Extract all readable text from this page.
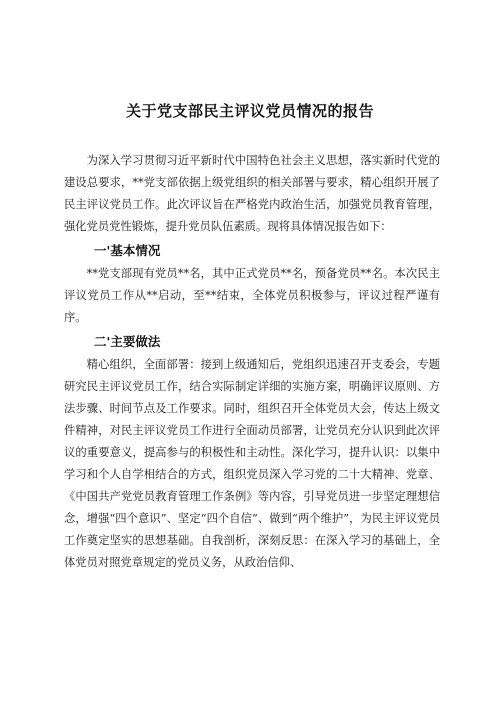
关于党支部民主评议党员情况的报告

为深入学习贯彻习近平新时代中国特色社会主义思想，落实新时代党的建设总要求，**党支部依据上级党组织的相关部署与要求，精心组织开展了民主评议党员工作。此次评议旨在严格党内政治生活，加强党员教育管理，强化党员党性锻炼，提升党员队伍素质。现将具体情况报告如下：

一'基本情况

**党支部现有党员**名，其中正式党员**名，预备党员**名。本次民主评议党员工作从**启动，至**结束，全体党员积极参与，评议过程严谨有序。

二'主要做法

精心组织，全面部署：接到上级通知后，党组织迅速召开支委会，专题研究民主评议党员工作，结合实际制定详细的实施方案，明确评议原则、方法步骤、时间节点及工作要求。同时，组织召开全体党员大会，传达上级文件精神，对民主评议党员工作进行全面动员部署，让党员充分认识到此次评议的重要意义，提高参与的积极性和主动性。深化学习，提升认识：以集中学习和个人自学相结合的方式，组织党员深入学习党的二十大精神、党章、《中国共产党党员教育管理工作条例》等内容，引导党员进一步坚定理想信念，增强“四个意识”、坚定“四个自信”、做到“两个维护”，为民主评议党员工作奠定坚实的思想基础。自我剖析，深刻反思：在深入学习的基础上，全体党员对照党章规定的党员义务，从政治信仰、
